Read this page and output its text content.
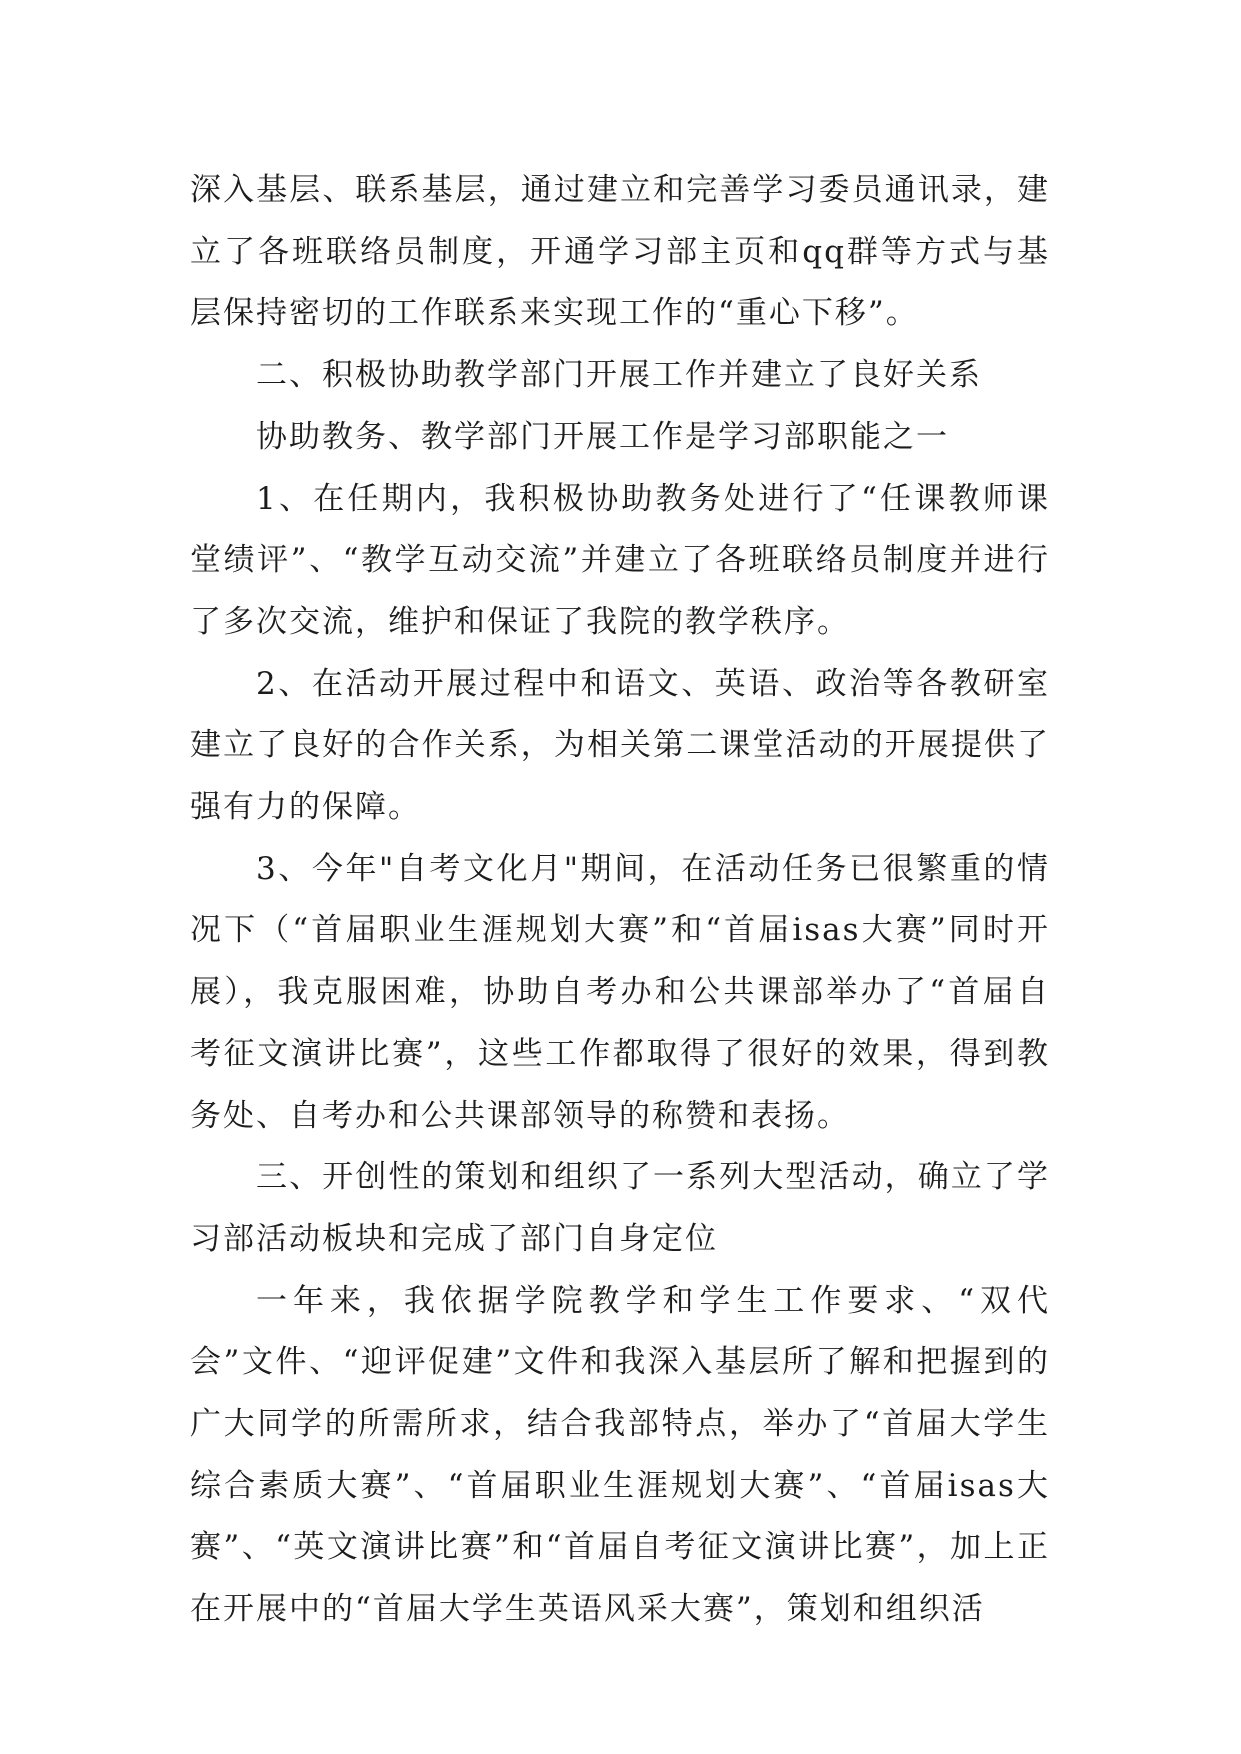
深入基层、联系基层，通过建立和完善学习委员通讯录，建立了各班联络员制度，开通学习部主页和qq群等方式与基层保持密切的工作联系来实现工作的“重心下移”。

二、积极协助教学部门开展工作并建立了良好关系

协助教务、教学部门开展工作是学习部职能之一

1、在任期内，我积极协助教务处进行了“任课教师课堂绩评”、“教学互动交流”并建立了各班联络员制度并进行了多次交流，维护和保证了我院的教学秩序。

2、在活动开展过程中和语文、英语、政治等各教研室建立了良好的合作关系，为相关第二课堂活动的开展提供了强有力的保障。

3、今年"自考文化月"期间，在活动任务已很繁重的情况下（“首届职业生涯规划大赛”和“首届isas大赛”同时开展），我克服困难，协助自考办和公共课部举办了“首届自考征文演讲比赛”，这些工作都取得了很好的效果，得到教务处、自考办和公共课部领导的称赞和表扬。

三、开创性的策划和组织了一系列大型活动，确立了学习部活动板块和完成了部门自身定位

一年来，我依据学院教学和学生工作要求、“双代会”文件、“迎评促建”文件和我深入基层所了解和把握到的广大同学的所需所求，结合我部特点，举办了“首届大学生综合素质大赛”、“首届职业生涯规划大赛”、“首届isas大赛”、“英文演讲比赛”和“首届自考征文演讲比赛”，加上正在开展中的“首届大学生英语风采大赛”，策划和组织活
